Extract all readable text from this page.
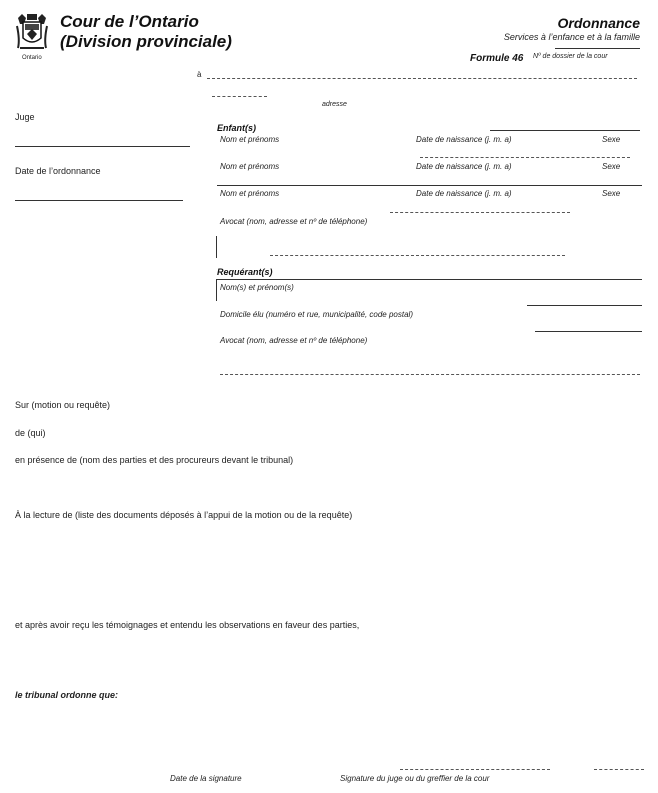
Ontario
Cour de l’Ontario
(Division provinciale)
Ordonnance
Services à l’enfance et à la famille
Formule 46 Nº de dossier de la cour
à
adresse
Juge
Date de l’ordonnance
Enfant(s)
Nom et prénoms	Date de naissance (j. m. a)	Sexe
Nom et prénoms	Date de naissance (j. m. a)	Sexe
Nom et prénoms	Date de naissance (j. m. a)	Sexe
Avocat (nom, adresse et nº de téléphone)
Requérant(s)
Nom(s) et prénom(s)
Domicile élu (numéro et rue, municipalité, code postal)
Avocat (nom, adresse et nº de téléphone)
Sur (motion ou requête)
de (qui)
en présence de (nom des parties et des procureurs devant le tribunal)
À la lecture de (liste des documents déposés à l’appui de la motion ou de la requête)
et après avoir reçu les témoignages et entendu les observations en faveur des parties,
le tribunal ordonne que:
Date de la signature	Signature du juge ou du greffier de la cour
